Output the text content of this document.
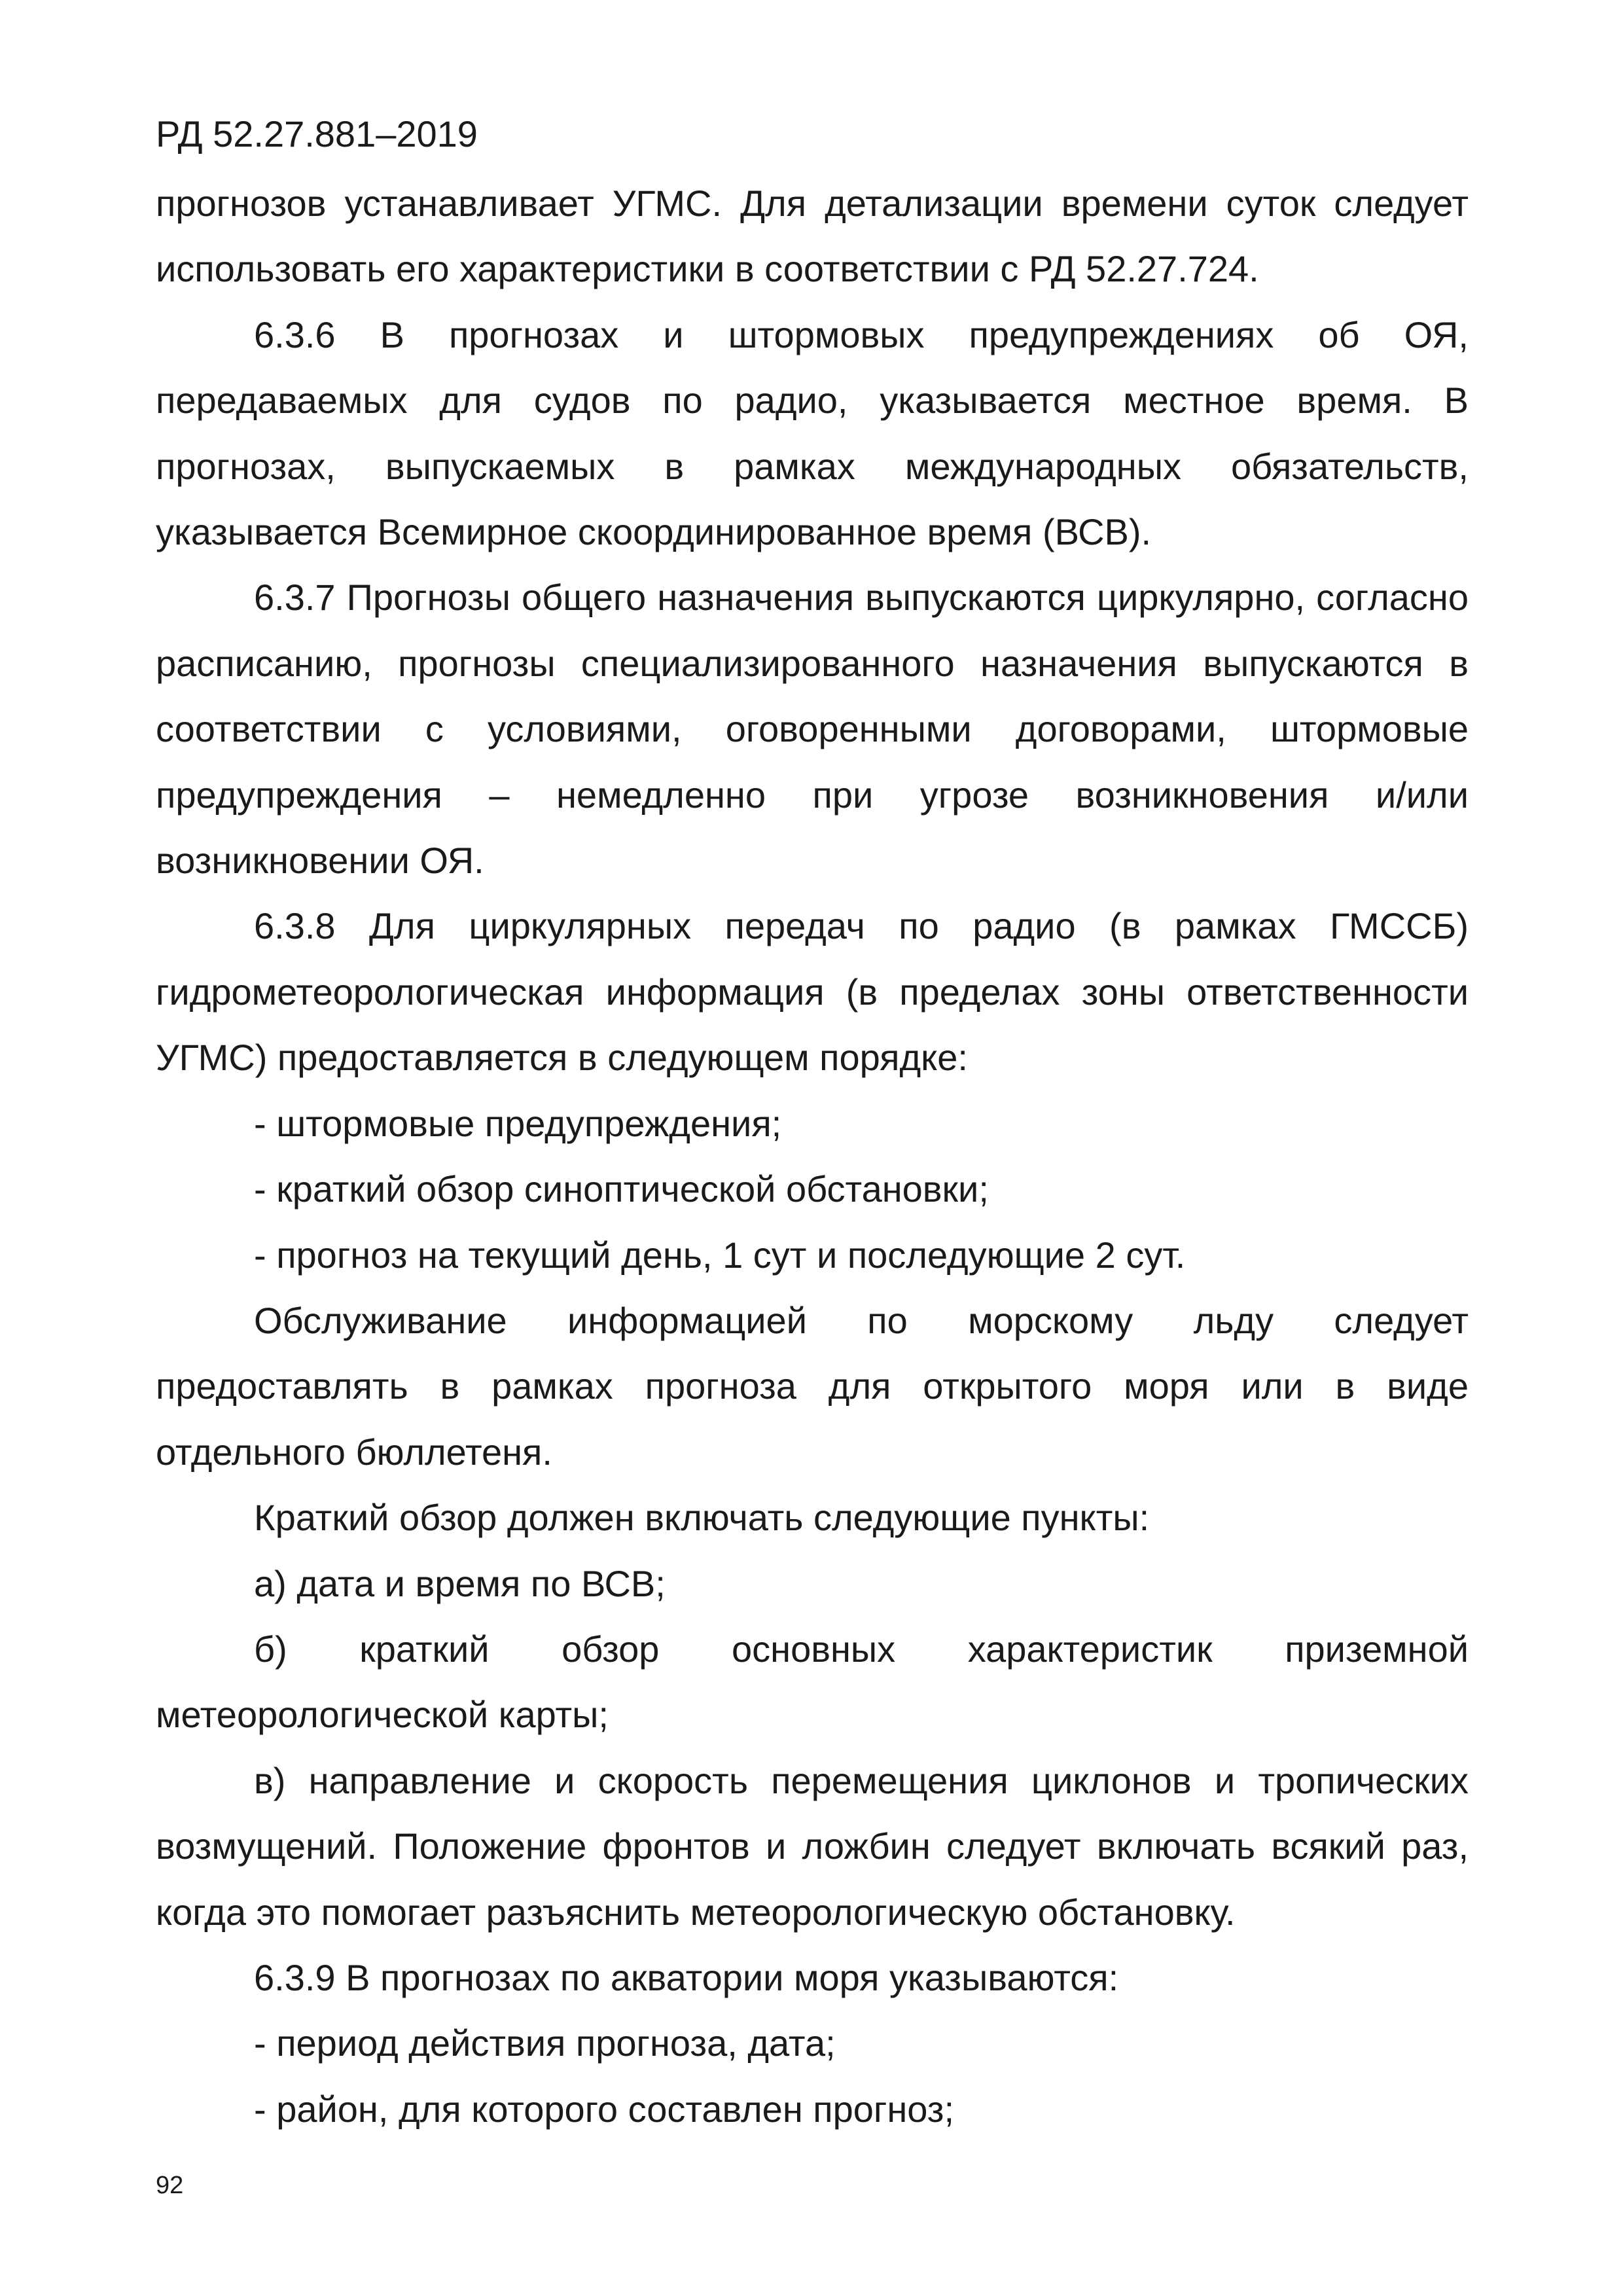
РД 52.27.881–2019

прогнозов устанавливает УГМС. Для детализации времени суток следует использовать его характеристики в соответствии с РД 52.27.724.

6.3.6 В прогнозах и штормовых предупреждениях об ОЯ, передаваемых для судов по радио, указывается местное время. В прогнозах, выпускаемых в рамках международных обязательств, указывается Всемирное скоординированное время (ВСВ).

6.3.7 Прогнозы общего назначения выпускаются циркулярно, согласно расписанию, прогнозы специализированного назначения выпускаются в соответствии с условиями, оговоренными договорами, штормовые предупреждения – немедленно при угрозе возникновения и/или возникновении ОЯ.

6.3.8 Для циркулярных передач по радио (в рамках ГМССБ) гидрометеорологическая информация (в пределах зоны ответственности УГМС) предоставляется в следующем порядке:

- штормовые предупреждения;

- краткий обзор синоптической обстановки;

- прогноз на текущий день, 1 сут и последующие 2 сут.

Обслуживание информацией по морскому льду следует предоставлять в рамках прогноза для открытого моря или в виде отдельного бюллетеня.

Краткий обзор должен включать следующие пункты:

а) дата и время по ВСВ;

б) краткий обзор основных характеристик приземной метеорологической карты;

в) направление и скорость перемещения циклонов и тропических возмущений. Положение фронтов и ложбин следует включать всякий раз, когда это помогает разъяснить метеорологическую обстановку.

6.3.9 В прогнозах по акватории моря указываются:

- период действия прогноза, дата;

- район, для которого составлен прогноз;

92
